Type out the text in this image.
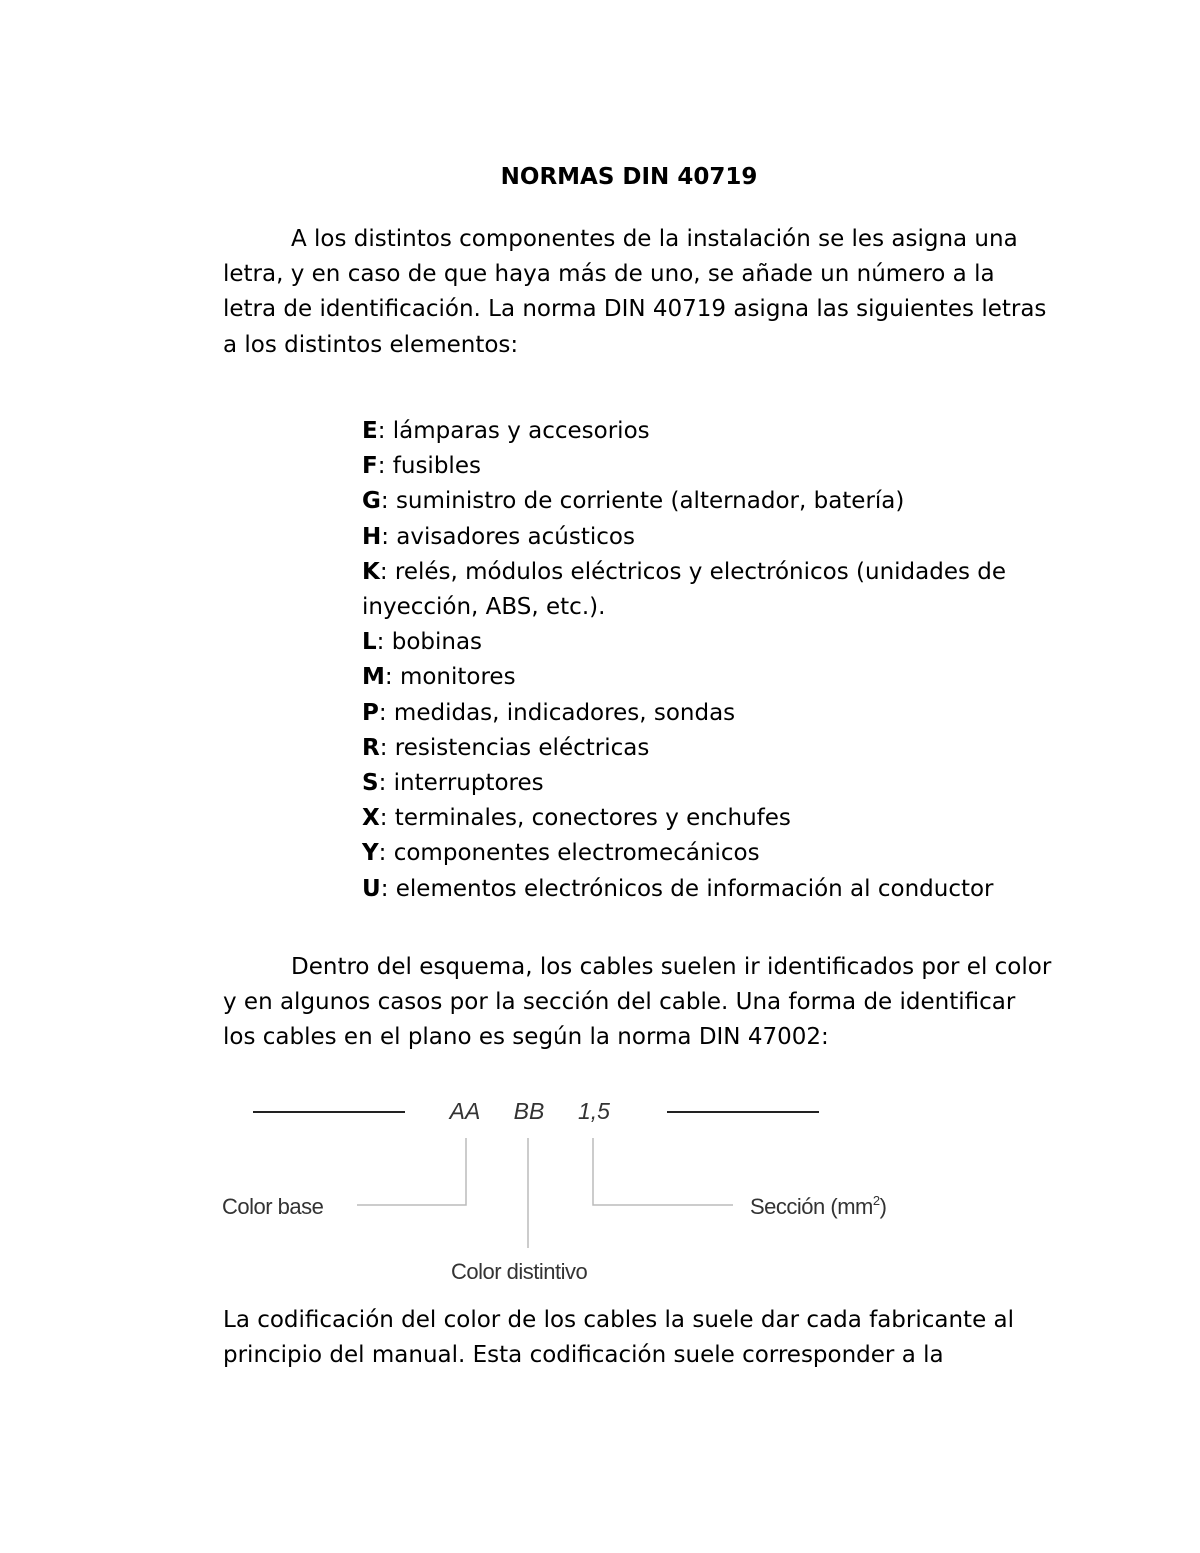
NORMAS DIN 40719

A los distintos componentes de la instalación se les asigna una letra, y en caso de que haya más de uno, se añade un número a la letra de identificación. La norma DIN 40719 asigna las siguientes letras a los distintos elementos:

E: lámparas y accesorios
F: fusibles
G: suministro de corriente (alternador, batería)
H: avisadores acústicos
K: relés, módulos eléctricos y electrónicos (unidades de inyección, ABS, etc.).
L: bobinas
M: monitores
P: medidas, indicadores, sondas
R: resistencias eléctricas
S: interruptores
X: terminales, conectores y enchufes
Y: componentes electromecánicos
U: elementos electrónicos de información al conductor

Dentro del esquema, los cables suelen ir identificados por el color y en algunos casos por la sección del cable. Una forma de identificar los cables en el plano es según la norma DIN 47002:

AA BB 1,5
Color base
Color distintivo
Sección $(mm^2)$

La codificación del color de los cables la suele dar cada fabricante al principio del manual. Esta codificación suele corresponder a la
